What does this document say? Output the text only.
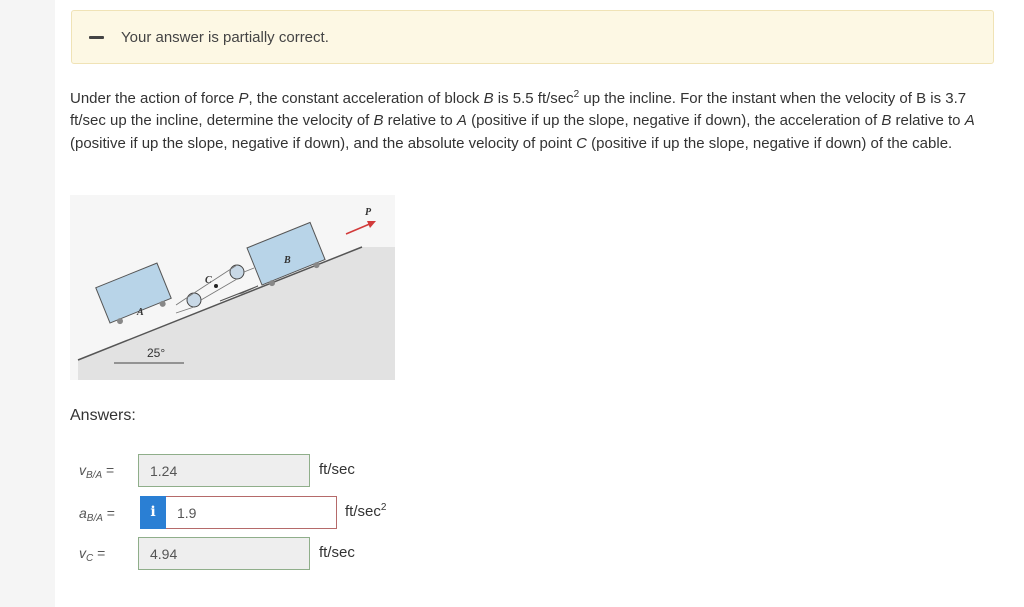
Your answer is partially correct.
Under the action of force P, the constant acceleration of block B is 5.5 $ft/\sec^2$ up the incline. For the instant when the velocity of B is 3.7 ft/sec up the incline, determine the velocity of B relative to A (positive if up the slope, negative if down), the acceleration of B relative to A (positive if up the slope, negative if down), and the absolute velocity of point C (positive if up the slope, negative if down) of the cable.
25°
A
C
B
P
Answers:
$v_{B/A}$ =
1.24	ft/sec
$a_{B/A}$ =
1.9	i	$ft/\sec^2$
$v_C$ =
4.94	ft/sec
